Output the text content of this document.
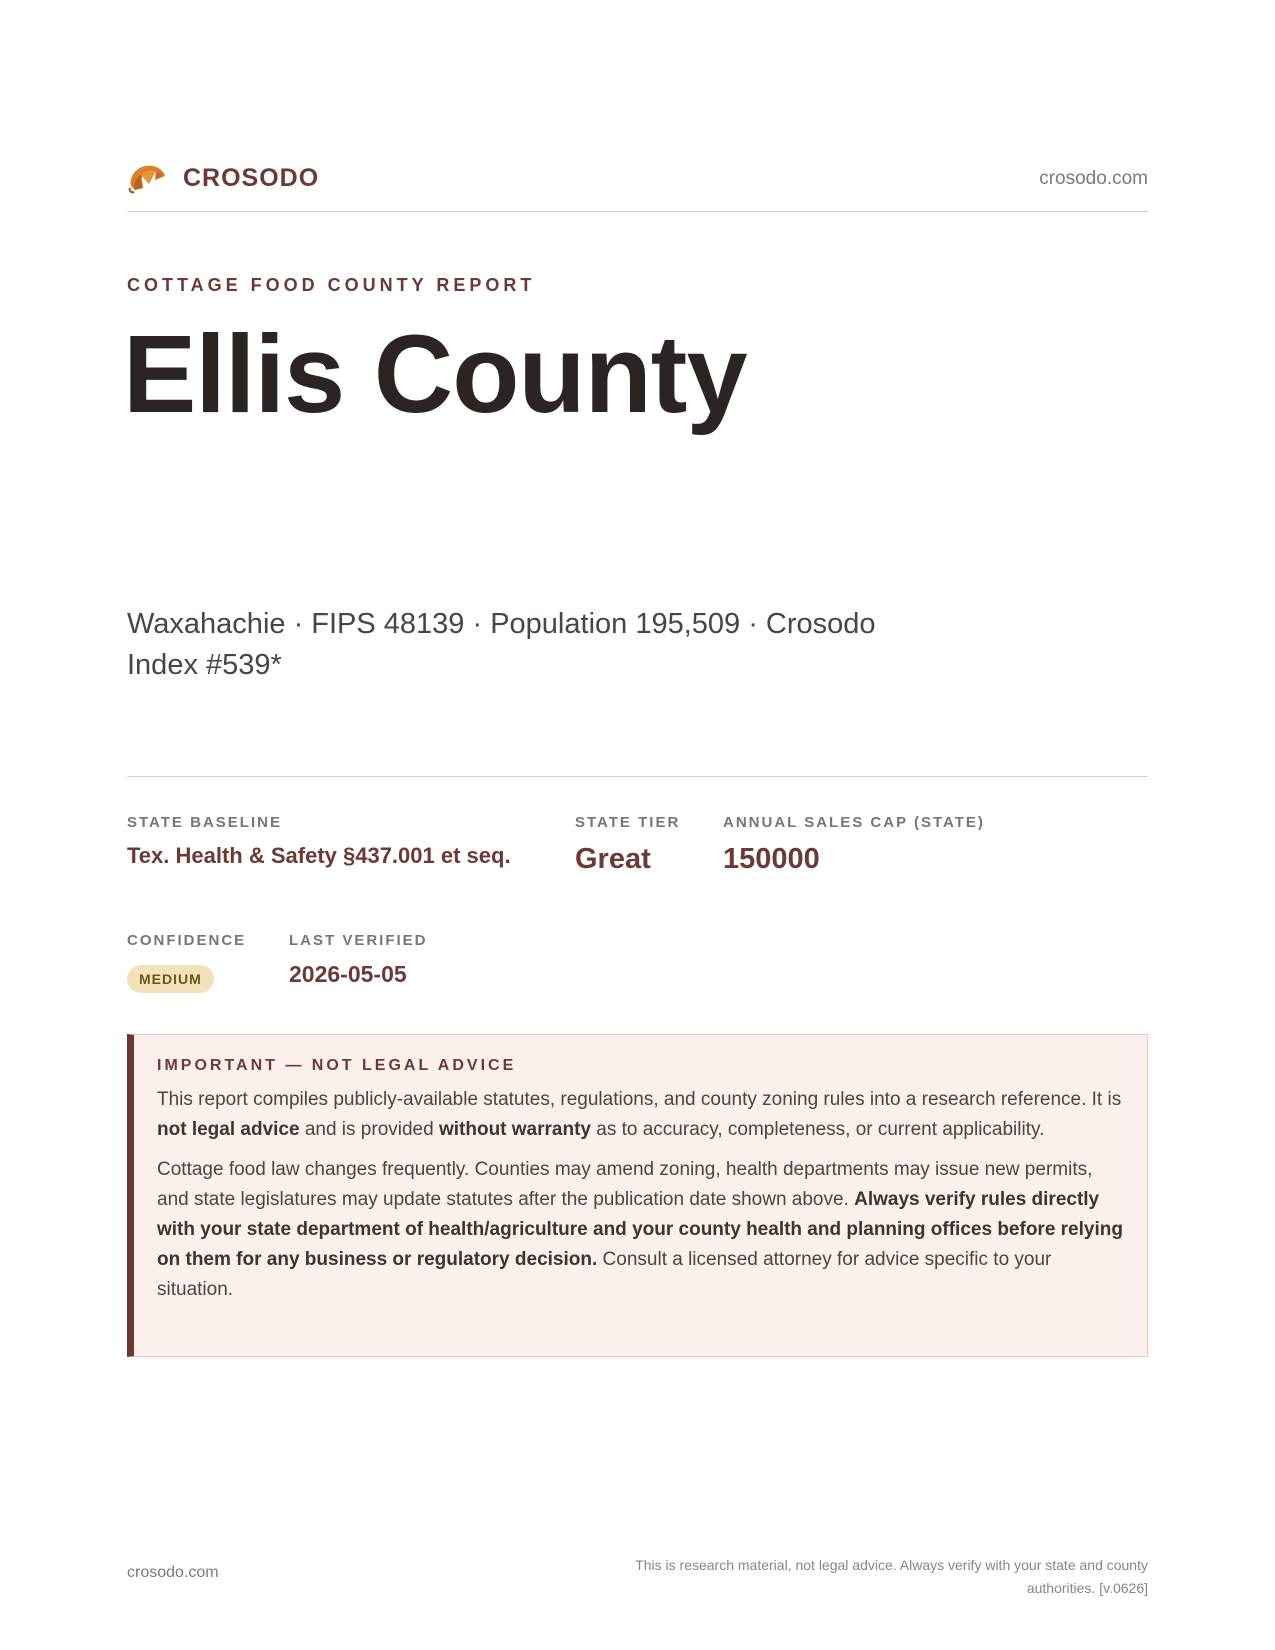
CROSODO	crosodo.com
COTTAGE FOOD COUNTY REPORT
Ellis County
Waxahachie · FIPS 48139 · Population 195,509 · Crosodo Index #539*
STATE BASELINE
Tex. Health & Safety §437.001 et seq.
STATE TIER
Great
ANNUAL SALES CAP (STATE)
150000
CONFIDENCE
MEDIUM
LAST VERIFIED
2026-05-05
IMPORTANT — NOT LEGAL ADVICE

This report compiles publicly-available statutes, regulations, and county zoning rules into a research reference. It is not legal advice and is provided without warranty as to accuracy, completeness, or current applicability.

Cottage food law changes frequently. Counties may amend zoning, health departments may issue new permits, and state legislatures may update statutes after the publication date shown above. Always verify rules directly with your state department of health/agriculture and your county health and planning offices before relying on them for any business or regulatory decision. Consult a licensed attorney for advice specific to your situation.

crosodo.com	This is research material, not legal advice. Always verify with your state and county authorities. [v.0626]
